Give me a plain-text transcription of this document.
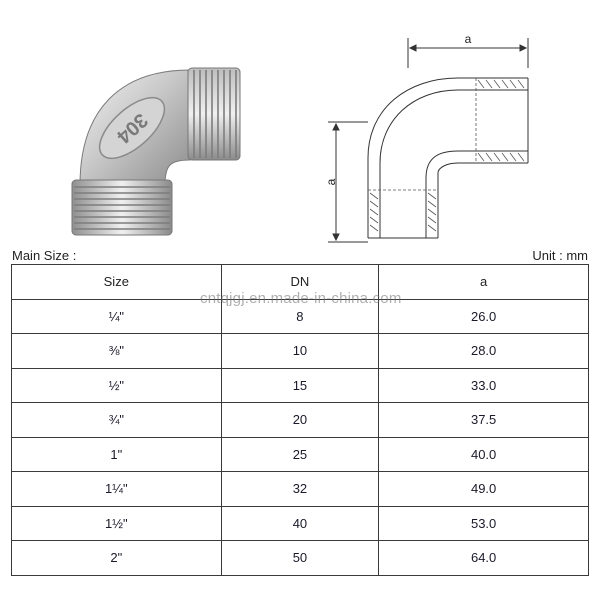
304
a
a
Main Size :	Unit : mm
Size	DN	a
¼"	8	26.0
⅜"	10	28.0
½"	15	33.0
¾"	20	37.5
1"	25	40.0
1¼"	32	49.0
1½"	40	53.0
2"	50	64.0
cntqjgj.en.made-in-china.com
